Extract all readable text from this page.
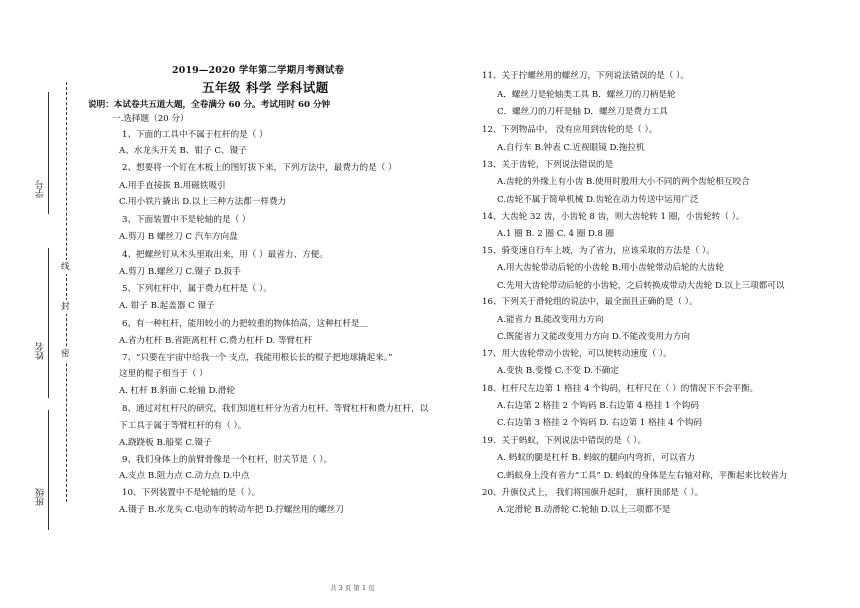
学号
姓名
班级
线
封
密
2019—2020 学年第二学期月考测试卷
五年级 科学 学科试题
说明：本试卷共五道大题，全卷满分 60 分。考试用时 60 分钟
一.选择题（20 分）
1、下面的工具中不属于杠杆的是（ ）
A、水龙头开关 B、钳子 C、镊子
2、想要将一个钉在木板上的图钉拔下来，下列方法中，最费力的是（ ）
A.用手直接拔 B.用磁铁吸引
C.用小铁片撬出 D.以上三种方法都一样费力
3、下面装置中不是轮轴的是（ ）
A.剪刀 B 螺丝刀 C 汽车方向盘
4、把螺丝钉从木头里取出来，用（ ）最省力、方便。
A.剪刀 B.螺丝刀 C.镊子 D.扳手
5、下列杠杆中，属于费力杠杆是（ ）。
A. 钳子 B.起盖器 C 镊子
6、有一种杠杆，能用较小的力把较重的物体抬高，这种杠杆是＿
A.省力杠杆 B.省距离杠杆 C.费力杠杆 D. 等臂杠杆
7、“只要在宇宙中给我一个 支点，我能用根长长的棍子把地球撬起来。”
这里的棍子相当于（ ）
A. 杠杆 B.斜面 C.轮轴 D.滑轮
8、通过对杠杆尺的研究，我们知道杠杆分为省力杠杆、等臂杠杆和费力杠杆，以
下工具于属于等臂杠杆的有（ ）。
A.跷跷板 B.船桨 C.镊子
9、我们身体上的前臂骨像是一个杠杆，肘关节是（ ）。
A.支点 B.阻力点 C.动力点 D.中点
10、下列装置中不是轮轴的是（ ）。
A.镊子 B.水龙头 C.电动车的转动车把 D.拧螺丝用的螺丝刀
11、关于拧螺丝用的螺丝刀，下列说法错误的是（ ）。
A．螺丝刀是轮轴类工具 B．螺丝刀的刀柄是轮
C．螺丝刀的刀杆是轴 D．螺丝刀是费力工具
12、下列物品中， 没有应用到齿轮的是（ ）。
A.自行车 B.钟表 C.近视眼镜 D.拖拉机
13、关于齿轮，下列说法错误的是
A.齿轮的外缘上有小齿 B.使用时般用大小不同的两个齿轮相互咬合
C.齿轮不属于简单机械 D.齿轮在动力传送中运用广泛
14、大齿轮 32 齿，小齿轮 8 齿，则大齿轮转 1 圈，小齿轮转（ ）。
A.1 圈 B. 2 圈 C. 4 圈 D.8 圈
15、骑变速自行车上坡，为了省力，应该采取的方法是（ ）。
A.用大齿轮带动后轮的小齿轮 B.用小齿轮带动后轮的大齿轮
C.先用大齿轮带动后轮的小齿轮，之后转换成带动大齿轮 D.以上三项都可以
16、下列关于滑轮组的说法中，最全面且正确的是（ ）。
A.能省力 B.能改变用力方向
C.既能省力又能改变用力方向 D.不能改变用力方向
17、用大齿轮带动小齿轮，可以使转动速度（ ）。
A.变快 B.变慢 C.不变 D.不确定
18、杠杆尺左边第 1 格挂 4 个钩码，杠杆尺在（ ）的情况下不会平衡。
A.右边第 2 格挂 2 个钩码 B.右边第 4 格挂 1 个钩码
C.右边第 3 格挂 2 个钩码 D. 右边第 1 格挂 4 个钩码
19、关于蚂蚁，下列说法中错误的是（ ）。
A. 蚂蚁的腿是杠杆 B. 蚂蚁的腿向内弯折，可以省力
C.蚂蚁身上没有省力“工具” D. 蚂蚁的身体是左右轴对称，平衡起来比较省力
20、升旗仪式上， 我们将国旗升起时， 旗杆顶部是（ ）。
A.定滑轮 B.动滑轮 C.轮轴 D.以上三项都不是
共 3 页 第 1 页
